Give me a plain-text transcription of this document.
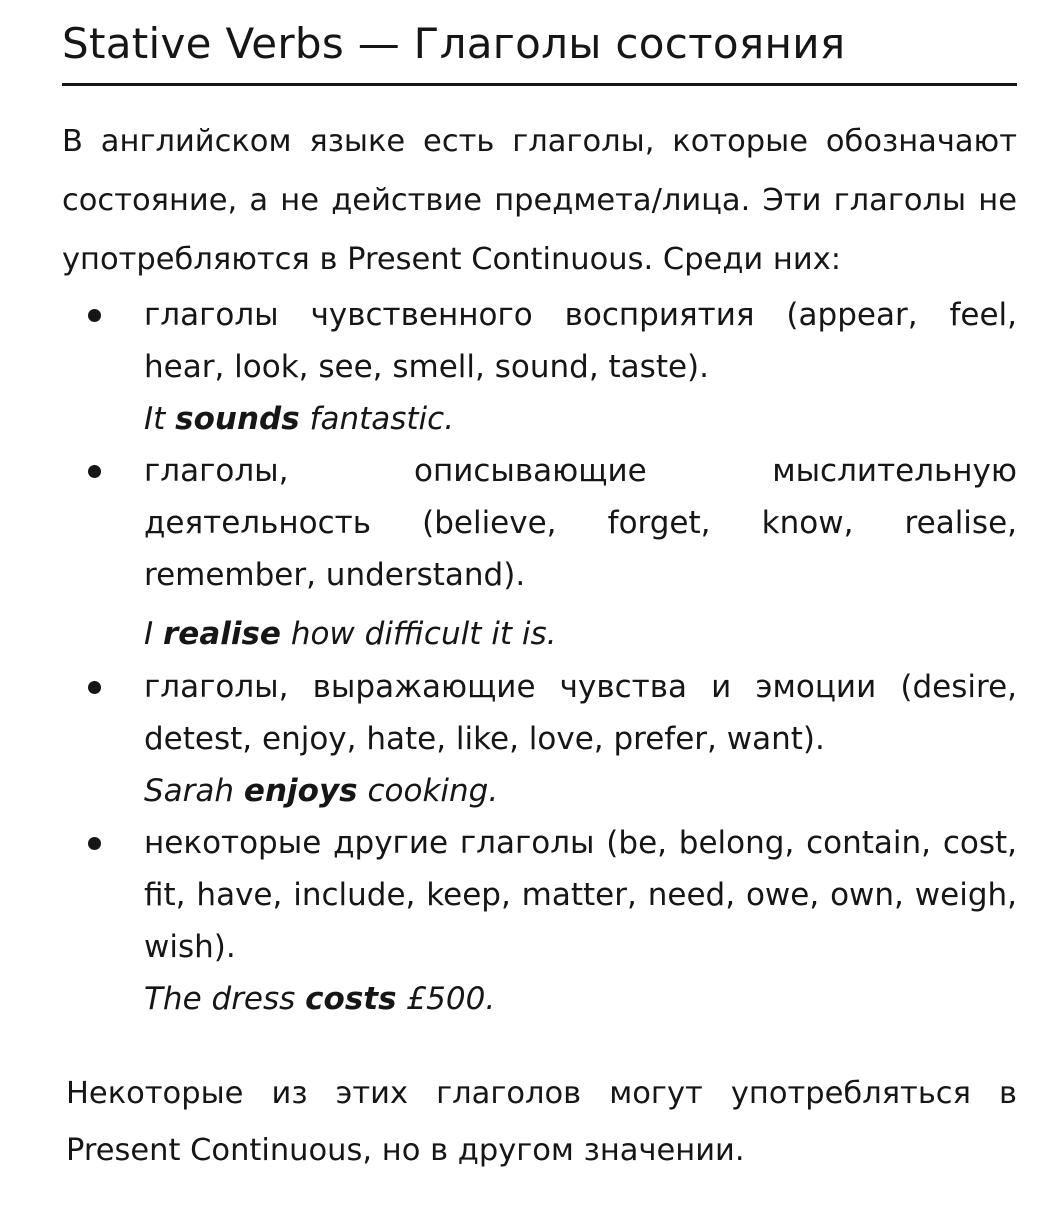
Stative Verbs — Глаголы состояния

В английском языке есть глаголы, которые обозначают состояние, а не действие предмета/лица. Эти глаголы не употребляются в Present Continuous. Среди них:

глаголы чувственного восприятия (appear, feel, hear, look, see, smell, sound, taste).
It sounds fantastic.
глаголы, описывающие мыслительную деятельность (believe, forget, know, realise, remember, understand).
I realise how difficult it is.
глаголы, выражающие чувства и эмоции (desire, detest, enjoy, hate, like, love, prefer, want).
Sarah enjoys cooking.
некоторые другие глаголы (be, belong, contain, cost, fit, have, include, keep, matter, need, owe, own, weigh, wish).
The dress costs £500.

Некоторые из этих глаголов могут употребляться в Present Continuous, но в другом значении.
